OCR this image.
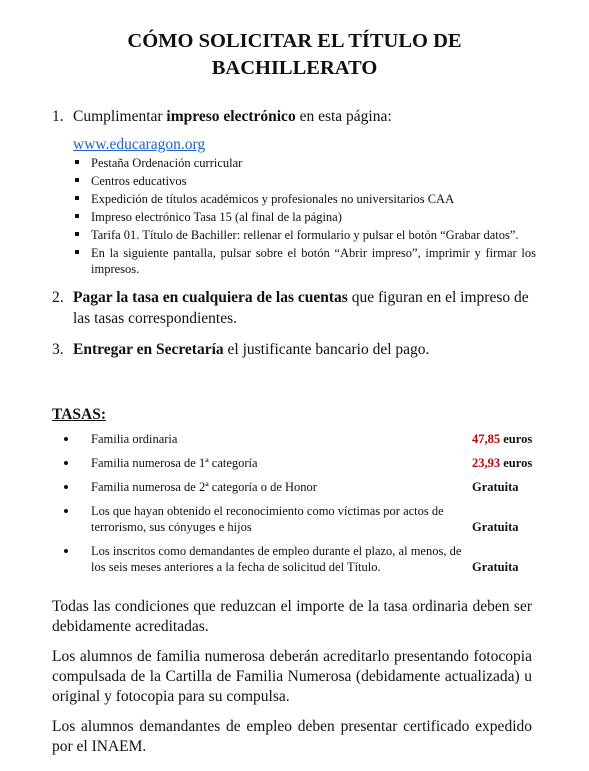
CÓMO SOLICITAR EL TÍTULO DE
BACHILLERATO
1. Cumplimentar impreso electrónico en esta página:
www.educaragon.org
Pestaña Ordenación curricular
Centros educativos
Expedición de títulos académicos y profesionales no universitarios CAA
Impreso electrónico Tasa 15 (al final de la página)
Tarifa 01. Título de Bachiller: rellenar el formulario y pulsar el botón “Grabar datos”.
En la siguiente pantalla, pulsar sobre el botón “Abrir impreso”, imprimir y firmar los impresos.
2. Pagar la tasa en cualquiera de las cuentas que figuran en el impreso de las tasas correspondientes.
3. Entregar en Secretaría el justificante bancario del pago.
TASAS:
Familia ordinaria	47,85 euros
Familia numerosa de 1ª categoría	23,93 euros
Familia numerosa de 2ª categoría o de Honor	Gratuita
Los que hayan obtenido el reconocimiento como víctimas por actos de
terrorismo, sus cónyuges e hijos	Gratuita
Los inscritos como demandantes de empleo durante el plazo, al menos, de
los seis meses anteriores a la fecha de solicitud del Título.	Gratuita

Todas las condiciones que reduzcan el importe de la tasa ordinaria deben ser debidamente acreditadas.

Los alumnos de familia numerosa deberán acreditarlo presentando fotocopia compulsada de la Cartilla de Familia Numerosa (debidamente actualizada) u original y fotocopia para su compulsa.

Los alumnos demandantes de empleo deben presentar certificado expedido por el INAEM.
